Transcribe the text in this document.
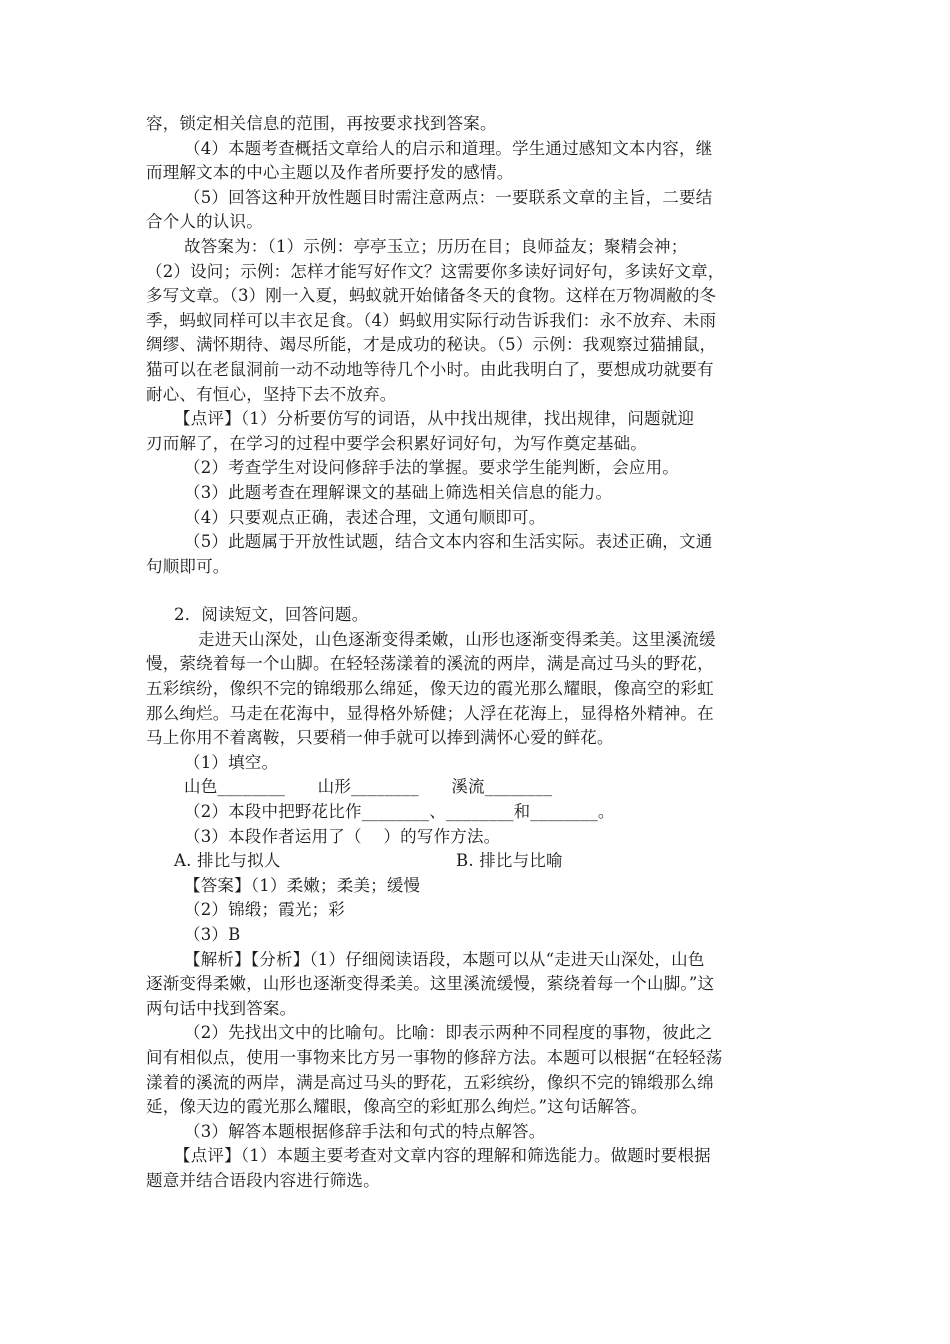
容，锁定相关信息的范围，再按要求找到答案。
（4）本题考查概括文章给人的启示和道理。学生通过感知文本内容，继
而理解文本的中心主题以及作者所要抒发的感情。
（5）回答这种开放性题目时需注意两点：一要联系文章的主旨，二要结
合个人的认识。
故答案为：（1）示例：亭亭玉立；历历在目；良师益友；聚精会神；
（2）设问；示例：怎样才能写好作文？这需要你多读好词好句，多读好文章，
多写文章。（3）刚一入夏，蚂蚁就开始储备冬天的食物。这样在万物凋敝的冬
季，蚂蚁同样可以丰衣足食。（4）蚂蚁用实际行动告诉我们：永不放弃、未雨
绸缪、满怀期待、竭尽所能，才是成功的秘诀。（5）示例：我观察过猫捕鼠，
猫可以在老鼠洞前一动不动地等待几个小时。由此我明白了，要想成功就要有
耐心、有恒心，坚持下去不放弃。
【点评】（1）分析要仿写的词语，从中找出规律，找出规律，问题就迎
刃而解了，在学习的过程中要学会积累好词好句，为写作奠定基础。
（2）考查学生对设问修辞手法的掌握。要求学生能判断，会应用。
（3）此题考查在理解课文的基础上筛选相关信息的能力。
（4）只要观点正确，表述合理，文通句顺即可。
（5）此题属于开放性试题，结合文本内容和生活实际。表述正确，文通
句顺即可。
2．阅读短文，回答问题。
走进天山深处，山色逐渐变得柔嫩，山形也逐渐变得柔美。这里溪流缓
慢，萦绕着每一个山脚。在轻轻荡漾着的溪流的两岸，满是高过马头的野花，
五彩缤纷，像织不完的锦缎那么绵延，像天边的霞光那么耀眼，像高空的彩虹
那么绚烂。马走在花海中，显得格外矫健；人浮在花海上，显得格外精神。在
马上你用不着离鞍，只要稍一伸手就可以捧到满怀心爱的鲜花。
（1）填空。
山色________      山形________      溪流________
（2）本段中把野花比作________、________和________。
（3）本段作者运用了（    ）的写作方法。
A. 排比与拟人	B. 排比与比喻
【答案】（1）柔嫩；柔美；缓慢
（2）锦缎；霞光；彩
（3）B
【解析】【分析】（1）仔细阅读语段，本题可以从“走进天山深处，山色
逐渐变得柔嫩，山形也逐渐变得柔美。这里溪流缓慢，萦绕着每一个山脚。”这
两句话中找到答案。
（2）先找出文中的比喻句。比喻：即表示两种不同程度的事物，彼此之
间有相似点，使用一事物来比方另一事物的修辞方法。本题可以根据“在轻轻荡
漾着的溪流的两岸，满是高过马头的野花，五彩缤纷，像织不完的锦缎那么绵
延，像天边的霞光那么耀眼，像高空的彩虹那么绚烂。”这句话解答。
（3）解答本题根据修辞手法和句式的特点解答。
【点评】（1）本题主要考查对文章内容的理解和筛选能力。做题时要根据
题意并结合语段内容进行筛选。
